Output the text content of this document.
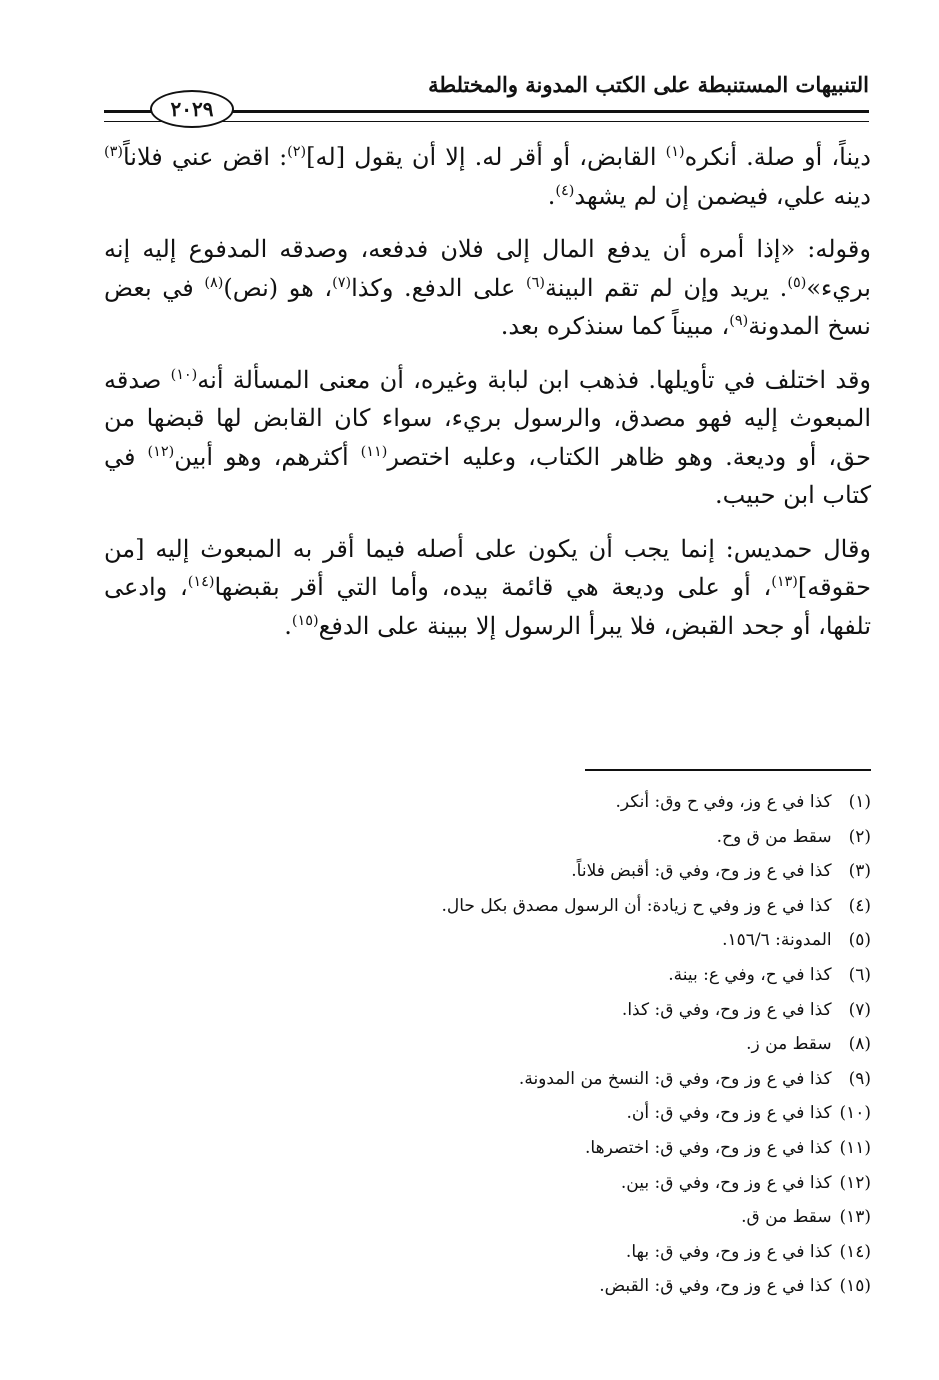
التنبيهات المستنبطة على الكتب المدونة والمختلطة
٢٠٢٩

ديناً، أو صلة. أنكره$^{(١)}$ القابض، أو أقر له. إلا أن يقول [له]$^{(٢)}$: اقض عني فلاناً$^{(٣)}$ دينه علي، فيضمن إن لم يشهد$^{(٤)}$.

وقوله: «إذا أمره أن يدفع المال إلى فلان فدفعه، وصدقه المدفوع إليه إنه بريء»$^{(٥)}$. يريد وإن لم تقم البينة$^{(٦)}$ على الدفع. وكذا$^{(٧)}$، هو (نص)$^{(٨)}$ في بعض نسخ المدونة$^{(٩)}$، مبيناً كما سنذكره بعد.

وقد اختلف في تأويلها. فذهب ابن لبابة وغيره، أن معنى المسألة أنه$^{(١٠)}$ صدقه المبعوث إليه فهو مصدق، والرسول بريء، سواء كان القابض لها قبضها من حق، أو وديعة. وهو ظاهر الكتاب، وعليه اختصر$^{(١١)}$ أكثرهم، وهو أبين$^{(١٢)}$ في كتاب ابن حبيب.

وقال حمديس: إنما يجب أن يكون على أصله فيما أقر به المبعوث إليه [من حقوقه]$^{(١٣)}$، أو على وديعة هي قائمة بيده، وأما التي أقر بقبضها$^{(١٤)}$، وادعى تلفها، أو جحد القبض، فلا يبرأ الرسول إلا ببينة على الدفع$^{(١٥)}$.

(١) كذا في ع وز، وفي ح وق: أنكر.
(٢) سقط من ق وح.
(٣) كذا في ع وز وح، وفي ق: أقبض فلاناً.
(٤) كذا في ع وز وفي ح زيادة: أن الرسول مصدق بكل حال.
(٥) المدونة: ١٥٦/٦.
(٦) كذا في ح، وفي ع: بينة.
(٧) كذا في ع وز وح، وفي ق: كذا.
(٨) سقط من ز.
(٩) كذا في ع وز وح، وفي ق: النسخ من المدونة.
(١٠) كذا في ع وز وح، وفي ق: أن.
(١١) كذا في ع وز وح، وفي ق: اختصرها.
(١٢) كذا في ع وز وح، وفي ق: بين.
(١٣) سقط من ق.
(١٤) كذا في ع وز وح، وفي ق: بها.
(١٥) كذا في ع وز وح، وفي ق: القبض.
